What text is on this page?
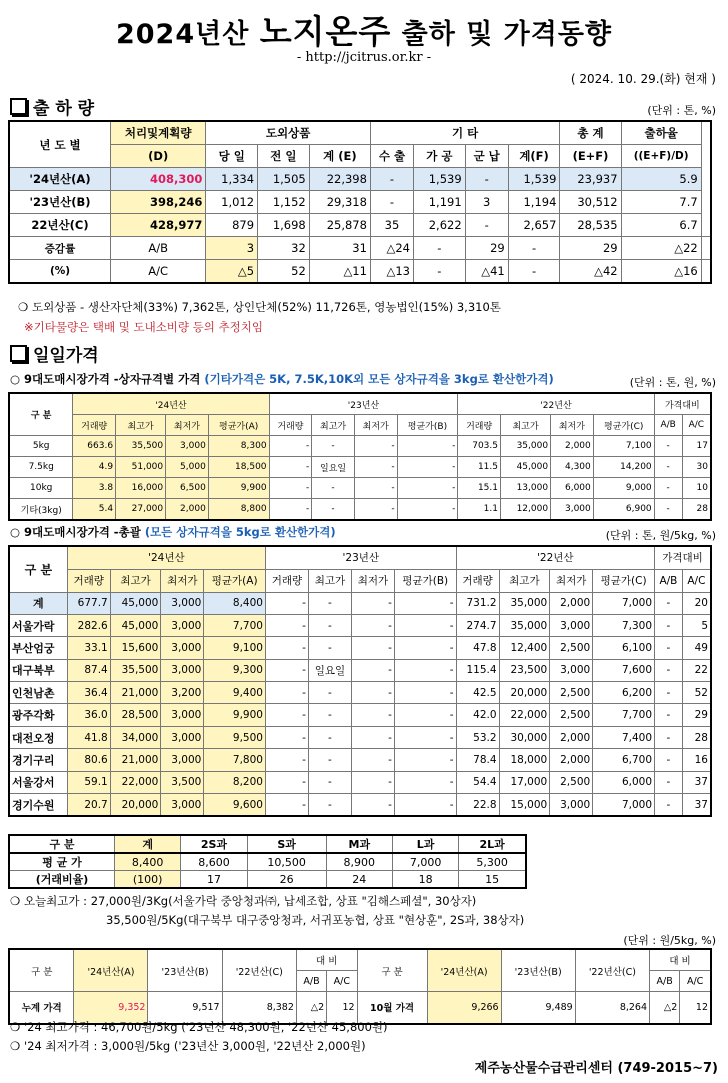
2024년산 노지온주 출하 및 가격동향
- http://jcitrus.or.kr -
( 2024. 10. 29.(화) 현재 )
출 하 량	(단위 : 톤, %)
년 도 별	처리및계획량	도외상품			기 타				총 계	출하율	
	(D)	당 일	전 일	계 (E)	수 출	가 공	군 납	계(F)	(E+F)	((E+F)/D)	
'24년산(A)	408,300	1,334	1,505	22,398	-	1,539	-	1,539	23,937	5.9	
'23년산(B)	398,246	1,012	1,152	29,318	-	1,191	3	1,194	30,512	7.7	
22년산(C)	428,977	879	1,698	25,878	35	2,622	-	2,657	28,535	6.7	
증감률	A/B	3	32	31	△24	-	29	-	29	△22	
(%)	A/C	△5	52	△11	△13	-	△41	-	△42	△16	
❍ 도외상품 - 생산자단체(33%) 7,362톤, 상인단체(52%) 11,726톤, 영농법인(15%) 3,310톤
※기타물량은 택배 및 도내소비량 등의 추정치임
일일가격
○ 9대도매시장가격 -상자규격별 가격 (기타가격은 5K, 7.5K,10K외 모든 상자규격을 3kg로 환산한가격)	(단위 : 톤, 원, %)
구 분	'24년산				'23년산				'22년산				가격대비	
	거래량	최고가	최저가	평균가(A)	거래량	최고가	최저가	평균가(B)	거래량	최고가	최저가	평균가(C)	A/B	A/C
5kg	663.6	35,500	3,000	8,300	-	-	-	-	703.5	35,000	2,000	7,100	-	17
7.5kg	4.9	51,000	5,000	18,500	-	일요일	-	-	11.5	45,000	4,300	14,200	-	30
10kg	3.8	16,000	6,500	9,900	-	-	-	-	15.1	13,000	6,000	9,000	-	10
기타(3kg)	5.4	27,000	2,000	8,800	-	-	-	-	1.1	12,000	3,000	6,900	-	28
○ 9대도매시장가격 -총괄 (모든 상자규격을 5kg로 환산한가격)	(단위 : 톤, 원/5kg, %)
구 분	'24년산				'23년산				'22년산				가격대비	
	거래량	최고가	최저가	평균가(A)	거래량	최고가	최저가	평균가(B)	거래량	최고가	최저가	평균가(C)	A/B	A/C
계	677.7	45,000	3,000	8,400	-	-	-	-	731.2	35,000	2,000	7,000	-	20
서울가락	282.6	45,000	3,000	7,700	-	-	-	-	274.7	35,000	3,000	7,300	-	5
부산엄궁	33.1	15,600	3,000	9,100	-	-	-	-	47.8	12,400	2,500	6,100	-	49
대구북부	87.4	35,500	3,000	9,300	-	일요일	-	-	115.4	23,500	3,000	7,600	-	22
인천남촌	36.4	21,000	3,200	9,400	-	-	-	-	42.5	20,000	2,500	6,200	-	52
광주각화	36.0	28,500	3,000	9,900	-	-	-	-	42.0	22,000	2,500	7,700	-	29
대전오정	41.8	34,000	3,000	9,500	-	-	-	-	53.2	30,000	2,000	7,400	-	28
경기구리	80.6	21,000	3,000	7,800	-	-	-	-	78.4	18,000	2,000	6,700	-	16
서울강서	59.1	22,000	3,500	8,200	-	-	-	-	54.4	17,000	2,500	6,000	-	37
경기수원	20.7	20,000	3,000	9,600	-	-	-	-	22.8	15,000	3,000	7,000	-	37
구 분	계	2S과	S과	M과	L과	2L과
평 균 가	8,400	8,600	10,500	8,900	7,000	5,300
(거래비율)	(100)	17	26	24	18	15
❍ 오늘최고가 : 27,000원/3Kg(서울가락 중앙청과㈜, 납세조합, 상표 "김해스페셜", 30상자)
35,500원/5Kg(대구북부 대구중앙청과, 서귀포농협, 상표 "현상훈", 2S과, 38상자)
(단위 : 원/5kg, %)
구 분	'24년산(A)	'23년산(B)	'22년산(C)	대 비		구 분	'24년산(A)	'23년산(B)	'22년산(C)	대 비	
				A/B	A/C					A/B	A/C
누계 가격	9,352	9,517	8,382	△2	12	10월 가격	9,266	9,489	8,264	△2	12
❍ '24 최고가격 : 46,700원/5kg ('23년산 48,300원, '22년산 45,800원)
❍ '24 최저가격 : 3,000원/5kg ('23년산 3,000원, '22년산 2,000원)
제주농산물수급관리센터 (749-2015~7)
